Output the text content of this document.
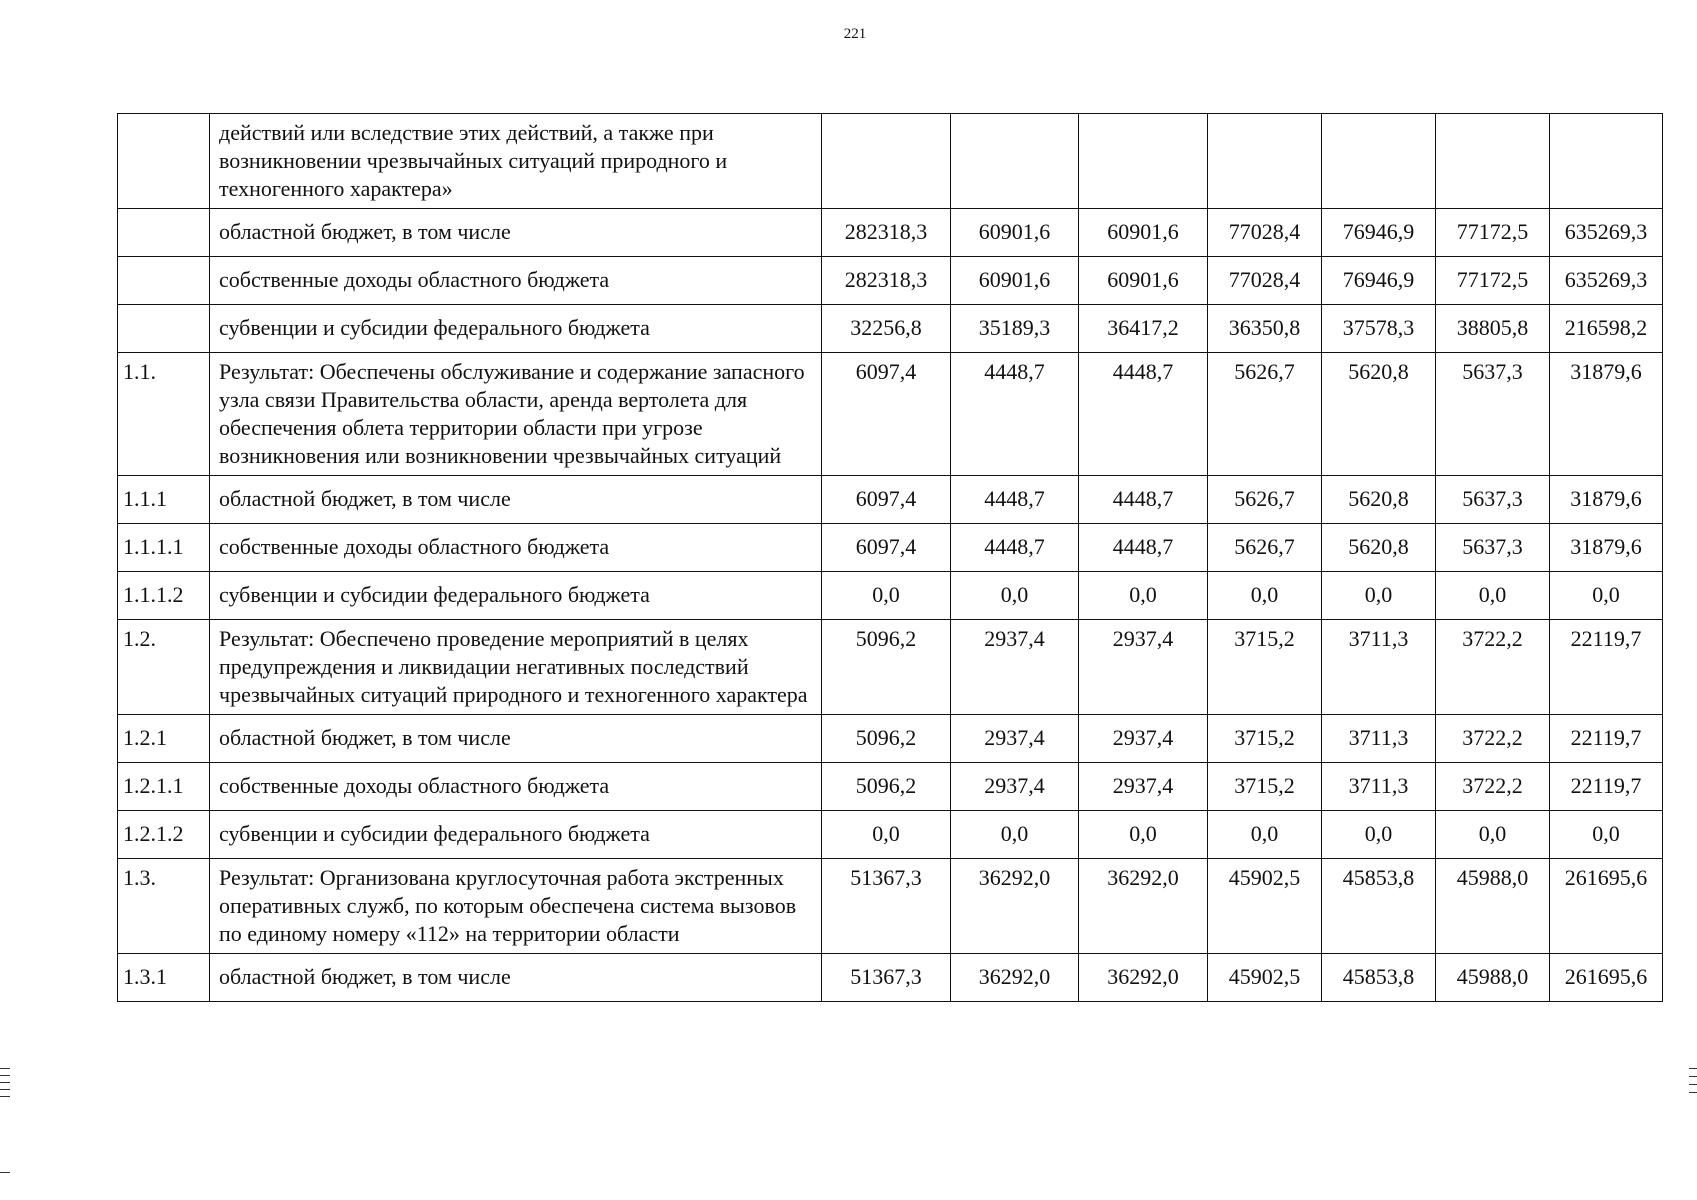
221
	действий или вследствие этих действий, а также при возникновении чрезвычайных ситуаций природного и техногенного характера»							
	областной бюджет, в том числе	282318,3	60901,6	60901,6	77028,4	76946,9	77172,5	635269,3
	собственные доходы областного бюджета	282318,3	60901,6	60901,6	77028,4	76946,9	77172,5	635269,3
	субвенции и субсидии федерального бюджета	32256,8	35189,3	36417,2	36350,8	37578,3	38805,8	216598,2
1.1.	Результат: Обеспечены обслуживание и содержание запасного узла связи Правительства области, аренда вертолета для обеспечения облета территории области при угрозе возникновения или возникновении чрезвычайных ситуаций	6097,4	4448,7	4448,7	5626,7	5620,8	5637,3	31879,6
1.1.1	областной бюджет, в том числе	6097,4	4448,7	4448,7	5626,7	5620,8	5637,3	31879,6
1.1.1.1	собственные доходы областного бюджета	6097,4	4448,7	4448,7	5626,7	5620,8	5637,3	31879,6
1.1.1.2	субвенции и субсидии федерального бюджета	0,0	0,0	0,0	0,0	0,0	0,0	0,0
1.2.	Результат: Обеспечено проведение мероприятий в целях предупреждения и ликвидации негативных последствий чрезвычайных ситуаций природного и техногенного характера	5096,2	2937,4	2937,4	3715,2	3711,3	3722,2	22119,7
1.2.1	областной бюджет, в том числе	5096,2	2937,4	2937,4	3715,2	3711,3	3722,2	22119,7
1.2.1.1	собственные доходы областного бюджета	5096,2	2937,4	2937,4	3715,2	3711,3	3722,2	22119,7
1.2.1.2	субвенции и субсидии федерального бюджета	0,0	0,0	0,0	0,0	0,0	0,0	0,0
1.3.	Результат: Организована круглосуточная работа экстренных оперативных служб, по которым обеспечена система вызовов по единому номеру «112» на территории области	51367,3	36292,0	36292,0	45902,5	45853,8	45988,0	261695,6
1.3.1	областной бюджет, в том числе	51367,3	36292,0	36292,0	45902,5	45853,8	45988,0	261695,6
